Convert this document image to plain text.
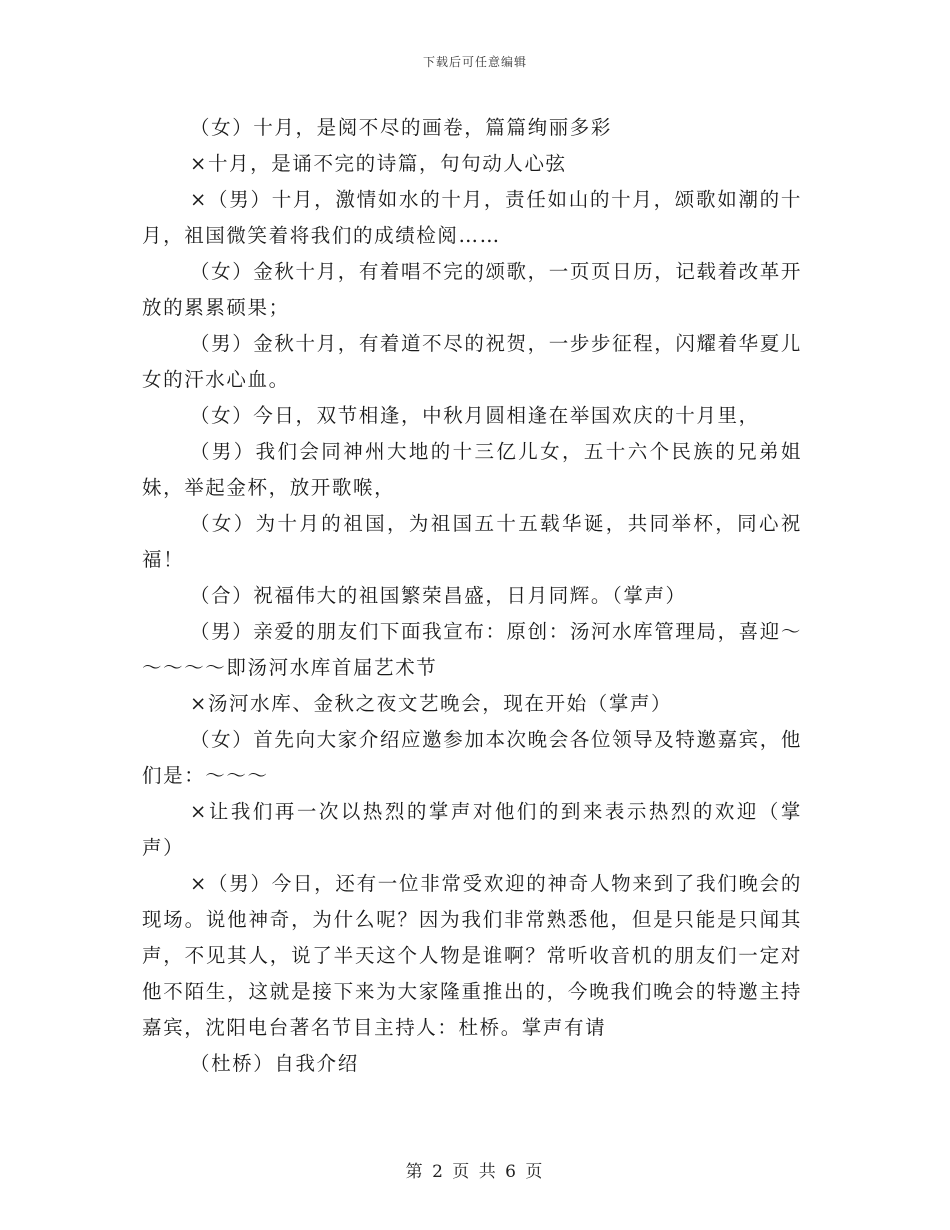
下载后可任意编辑

（女）十月，是阅不尽的画卷，篇篇绚丽多彩

×十月，是诵不完的诗篇，句句动人心弦

×（男）十月，激情如水的十月，责任如山的十月，颂歌如潮的十月，祖国微笑着将我们的成绩检阅……

（女）金秋十月，有着唱不完的颂歌，一页页日历，记载着改革开放的累累硕果；

（男）金秋十月，有着道不尽的祝贺，一步步征程，闪耀着华夏儿女的汗水心血。

（女）今日，双节相逢，中秋月圆相逢在举国欢庆的十月里，

（男）我们会同神州大地的十三亿儿女，五十六个民族的兄弟姐妹，举起金杯，放开歌喉，

（女）为十月的祖国，为祖国五十五载华诞，共同举杯，同心祝福！

（合）祝福伟大的祖国繁荣昌盛，日月同辉。（掌声）

（男）亲爱的朋友们下面我宣布：原创：汤河水库管理局，喜迎～～～～～即汤河水库首届艺术节

×汤河水库、金秋之夜文艺晚会，现在开始（掌声）

（女）首先向大家介绍应邀参加本次晚会各位领导及特邀嘉宾，他们是：～～～

×让我们再一次以热烈的掌声对他们的到来表示热烈的欢迎（掌声）

×（男）今日，还有一位非常受欢迎的神奇人物来到了我们晚会的现场。说他神奇，为什么呢？因为我们非常熟悉他，但是只能是只闻其声，不见其人，说了半天这个人物是谁啊？常听收音机的朋友们一定对他不陌生，这就是接下来为大家隆重推出的，今晚我们晚会的特邀主持嘉宾，沈阳电台著名节目主持人：杜桥。掌声有请

（杜桥）自我介绍

第 2 页 共 6 页
